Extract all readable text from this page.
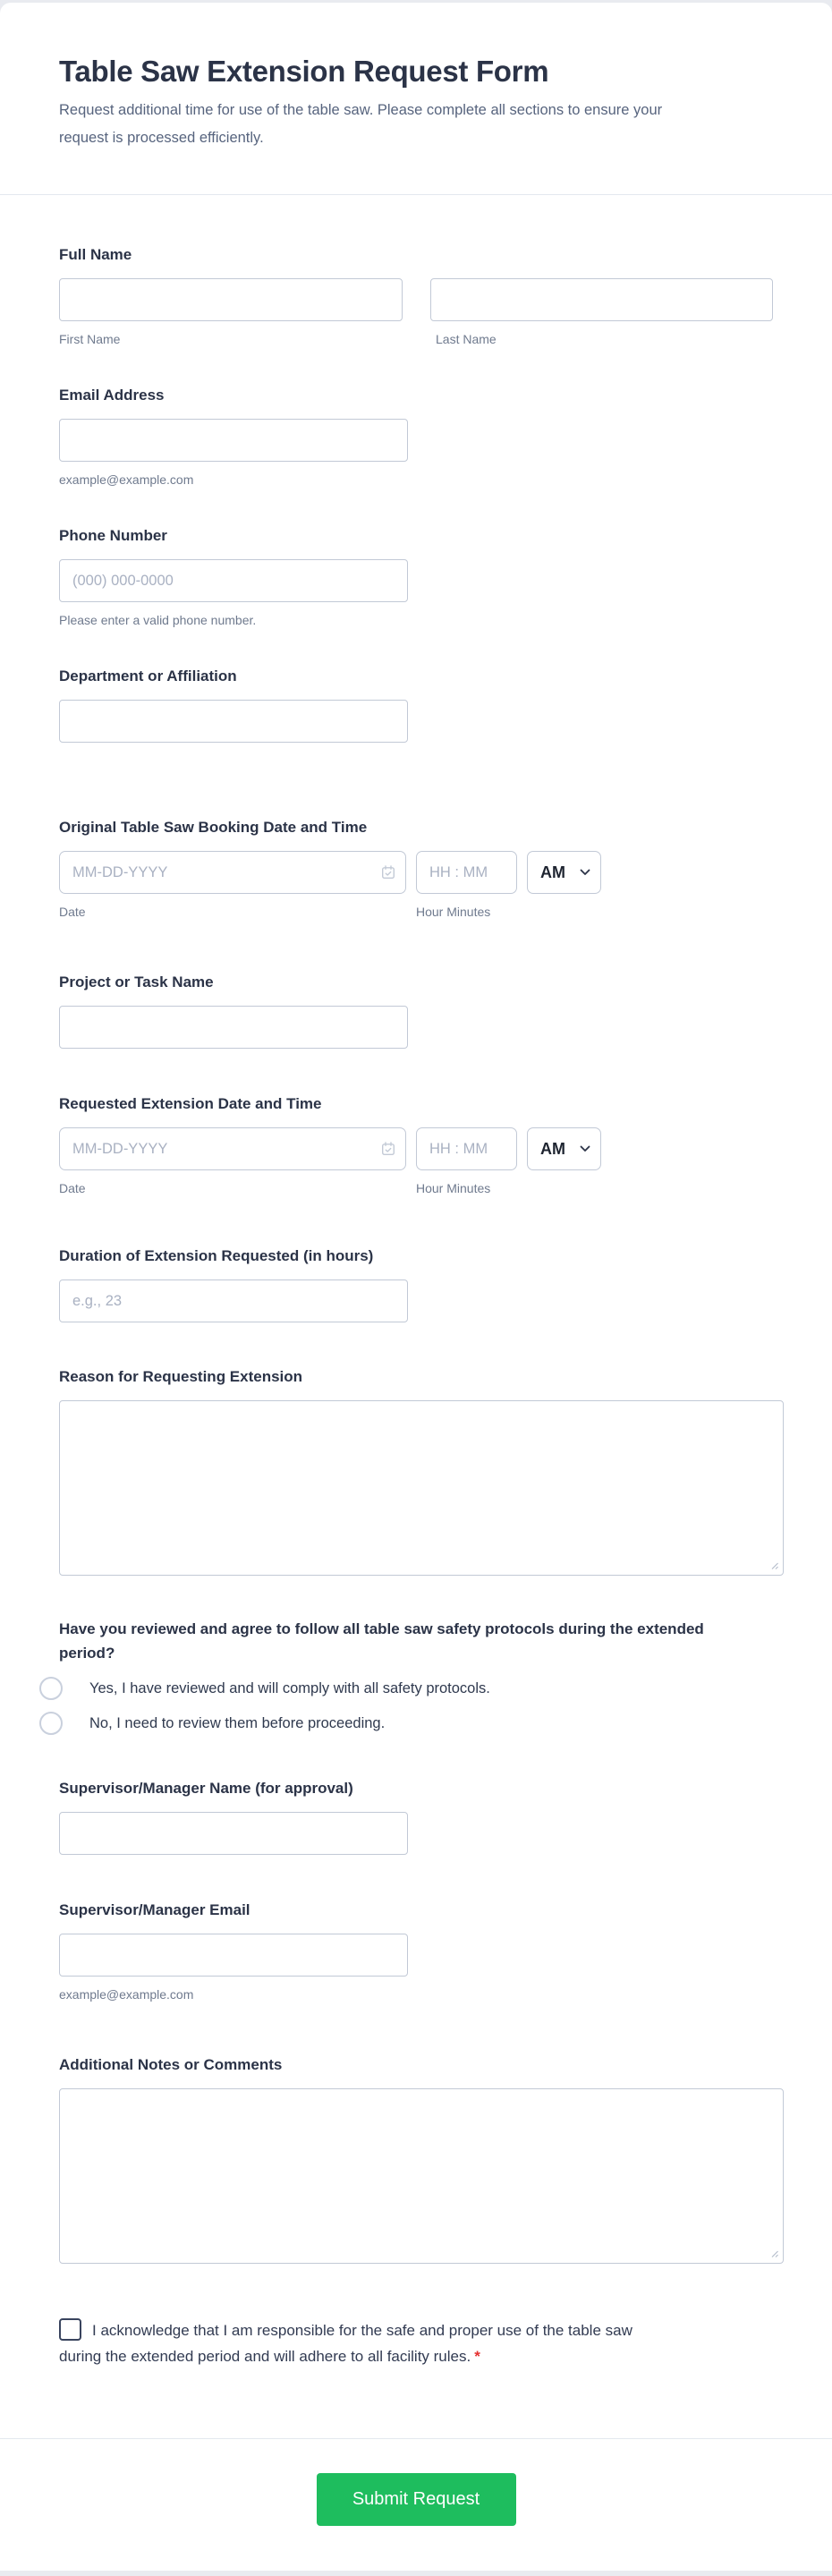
Table Saw Extension Request Form

Request additional time for use of the table saw. Please complete all sections to ensure your request is processed efficiently.

Full Name
First Name	Last Name
Email Address
example@example.com
Phone Number
(000) 000-0000
Please enter a valid phone number.
Department or Affiliation
Original Table Saw Booking Date and Time
MM-DD-YYYY
HH : MM
AM
Date	Hour Minutes
Project or Task Name
Requested Extension Date and Time
MM-DD-YYYY
HH : MM
AM
Date	Hour Minutes
Duration of Extension Requested (in hours)
e.g., 23
Reason for Requesting Extension
Have you reviewed and agree to follow all table saw safety protocols during the extended period?
Yes, I have reviewed and will comply with all safety protocols.
No, I need to review them before proceeding.
Supervisor/Manager Name (for approval)
Supervisor/Manager Email
example@example.com
Additional Notes or Comments
I acknowledge that I am responsible for the safe and proper use of the table saw during the extended period and will adhere to all facility rules. *
Submit Request
